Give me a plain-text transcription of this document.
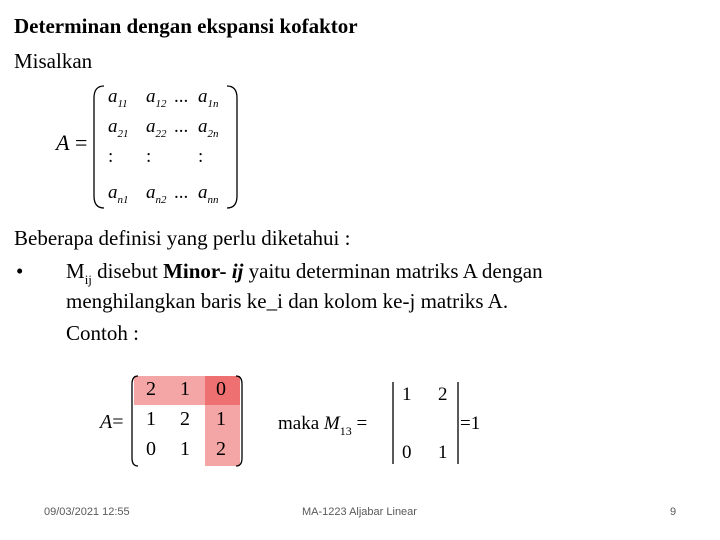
Determinan dengan ekspansi kofaktor
Misalkan
A =
$a_{11}$ $a_{12}$ ... $a_{1n}$
$a_{21}$ $a_{22}$ ... $a_{2n}$
: : :
$a_{n1}$ $a_{n2}$ ... $a_{nn}$
Beberapa definisi yang perlu diketahui :
• $M_{ij}$ disebut Minor- ij yaitu determinan matriks A dengan
menghilangkan baris ke_i dan kolom ke-j matriks A.
Contoh :
A=
2 1 0
1 2 1
0 1 2
maka $M_{13}$ =
1 2
0 1
=1
09/03/2021 12:55	MA-1223 Aljabar Linear	9
